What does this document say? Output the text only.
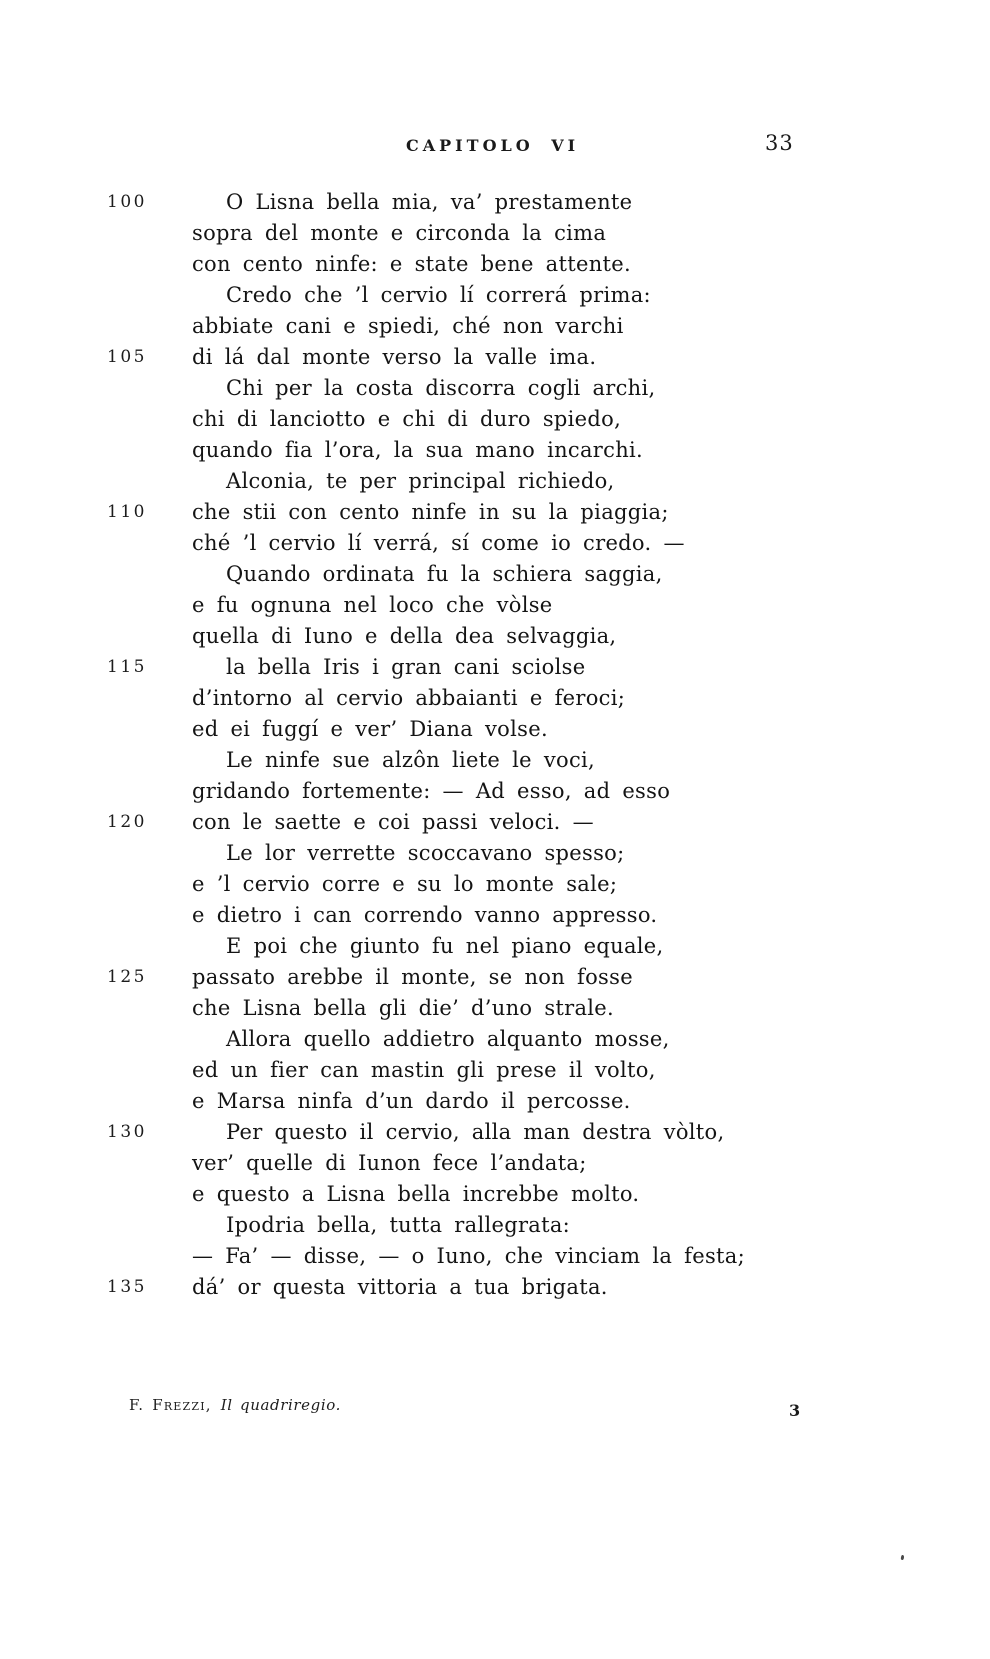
CAPITOLO VI	33
100	O Lisna bella mia, va’ prestamente
sopra del monte e circonda la cima
con cento ninfe: e state bene attente.
Credo che ’l cervio lí correrá prima:
abbiate cani e spiedi, ché non varchi
105	di lá dal monte verso la valle ima.
Chi per la costa discorra cogli archi,
chi di lanciotto e chi di duro spiedo,
quando fia l’ora, la sua mano incarchi.
Alconia, te per principal richiedo,
110	che stii con cento ninfe in su la piaggia;
ché ’l cervio lí verrá, sí come io credo. —
Quando ordinata fu la schiera saggia,
e fu ognuna nel loco che vòlse
quella di Iuno e della dea selvaggia,
115	la bella Iris i gran cani sciolse
d’intorno al cervio abbaianti e feroci;
ed ei fuggí e ver’ Diana volse.
Le ninfe sue alzôn liete le voci,
gridando fortemente: — Ad esso, ad esso
120	con le saette e coi passi veloci. —
Le lor verrette scoccavano spesso;
e ’l cervio corre e su lo monte sale;
e dietro i can correndo vanno appresso.
E poi che giunto fu nel piano equale,
125	passato arebbe il monte, se non fosse
che Lisna bella gli die’ d’uno strale.
Allora quello addietro alquanto mosse,
ed un fier can mastin gli prese il volto,
e Marsa ninfa d’un dardo il percosse.
130	Per questo il cervio, alla man destra vòlto,
ver’ quelle di Iunon fece l’andata;
e questo a Lisna bella increbbe molto.
Ipodria bella, tutta rallegrata:
— Fa’ — disse, — o Iuno, che vinciam la festa;
135	dá’ or questa vittoria a tua brigata.
F. Frezzi, Il quadriregio.	3
